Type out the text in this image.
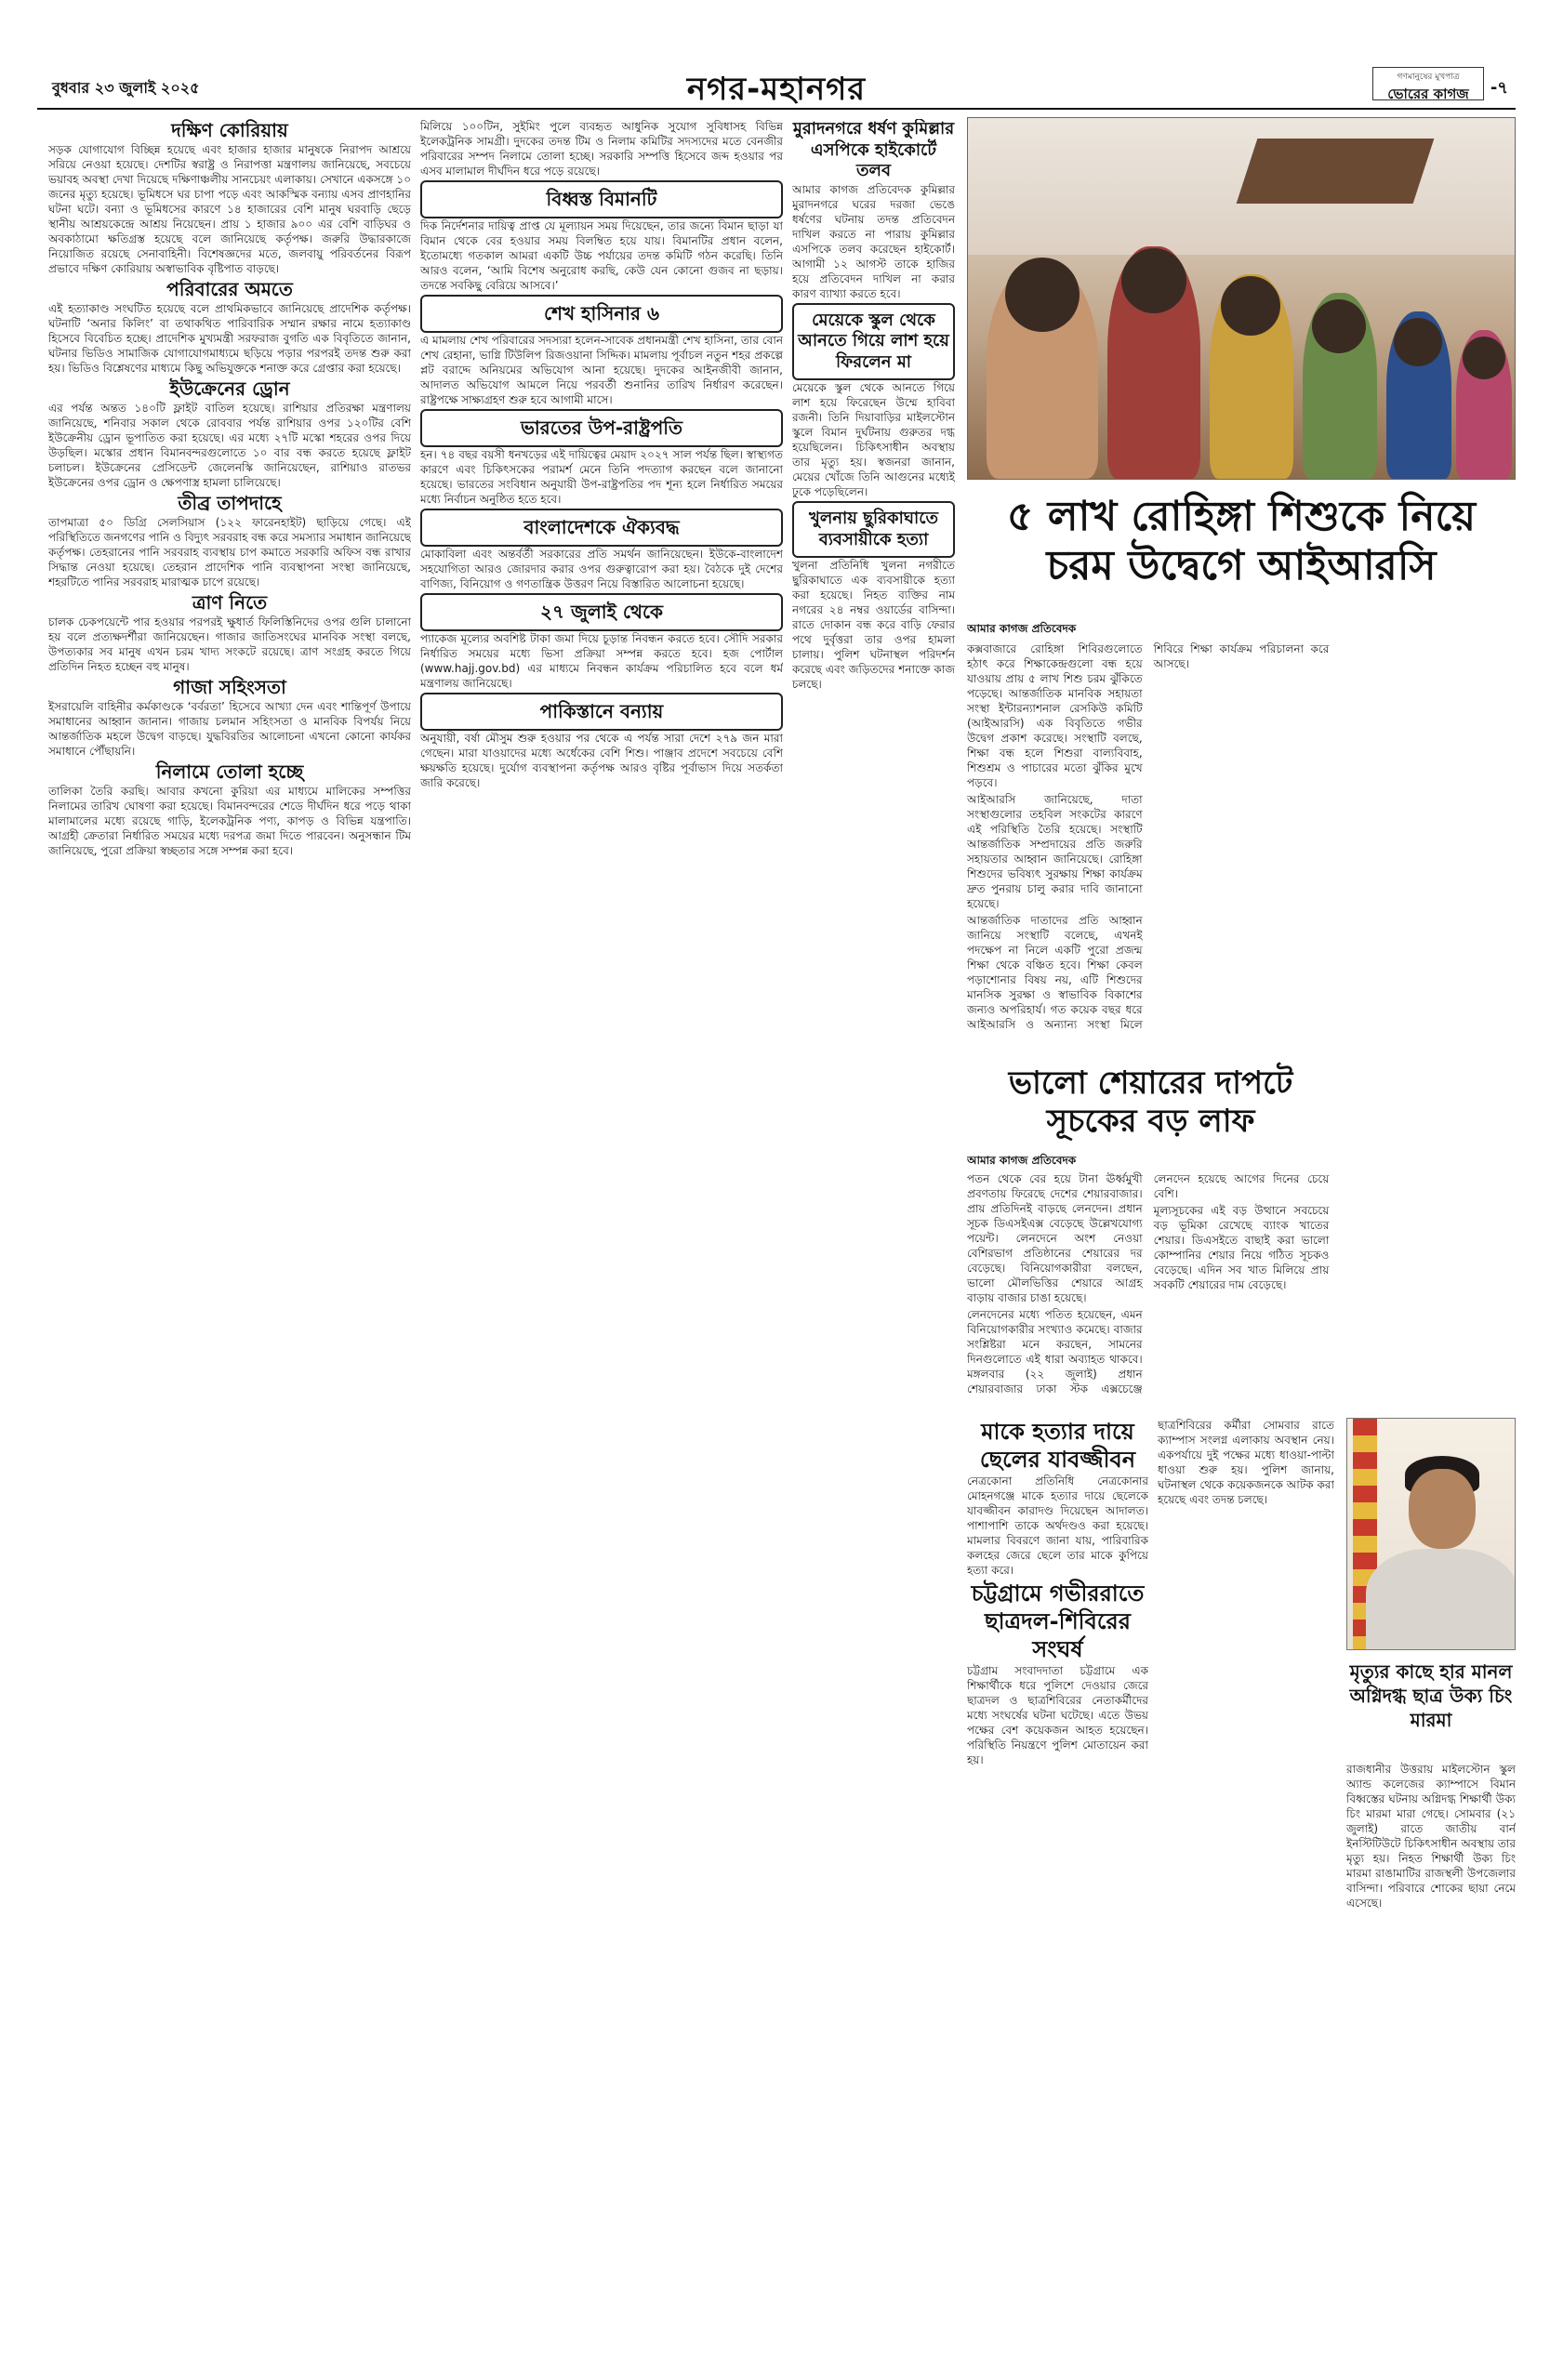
বুধবার ২৩ জুলাই ২০২৫	নগর-মহানগর	গণমানুষের মুখপাত্র
ভোরের কাগজ	-৭
দক্ষিণ কোরিয়ায়

সড়ক যোগাযোগ বিচ্ছিন্ন হয়েছে এবং হাজার হাজার মানুষকে নিরাপদ আশ্রয়ে সরিয়ে নেওয়া হয়েছে। দেশটির স্বরাষ্ট্র ও নিরাপত্তা মন্ত্রণালয় জানিয়েছে, সবচেয়ে ভয়াবহ অবস্থা দেখা দিয়েছে দক্ষিণাঞ্চলীয় সানচেয়ং এলাকায়। সেখানে একসঙ্গে ১০ জনের মৃত্যু হয়েছে। ভূমিধসে ঘর চাপা পড়ে এবং আকস্মিক বন্যায় এসব প্রাণহানির ঘটনা ঘটে। বন্যা ও ভূমিধসের কারণে ১৪ হাজারের বেশি মানুষ ঘরবাড়ি ছেড়ে স্থানীয় আশ্রয়কেন্দ্রে আশ্রয় নিয়েছেন। প্রায় ১ হাজার ৯০০ এর বেশি বাড়িঘর ও অবকাঠামো ক্ষতিগ্রস্ত হয়েছে বলে জানিয়েছে কর্তৃপক্ষ। জরুরি উদ্ধারকাজে নিয়োজিত রয়েছে সেনাবাহিনী। বিশেষজ্ঞদের মতে, জলবায়ু পরিবর্তনের বিরূপ প্রভাবে দক্ষিণ কোরিয়ায় অস্বাভাবিক বৃষ্টিপাত বাড়ছে।

পরিবারের অমতে

এই হত্যাকাণ্ড সংঘটিত হয়েছে বলে প্রাথমিকভাবে জানিয়েছে প্রাদেশিক কর্তৃপক্ষ। ঘটনাটি ‘অনার কিলিং’ বা তথাকথিত পারিবারিক সম্মান রক্ষার নামে হত্যাকাণ্ড হিসেবে বিবেচিত হচ্ছে। প্রাদেশিক মুখ্যমন্ত্রী সরফরাজ বুগতি এক বিবৃতিতে জানান, ঘটনার ভিডিও সামাজিক যোগাযোগমাধ্যমে ছড়িয়ে পড়ার পরপরই তদন্ত শুরু করা হয়। ভিডিও বিশ্লেষণের মাধ্যমে কিছু অভিযুক্তকে শনাক্ত করে গ্রেপ্তার করা হয়েছে।

ইউক্রেনের ড্রোন

এর পর্যন্ত অন্তত ১৪০টি ফ্লাইট বাতিল হয়েছে। রাশিয়ার প্রতিরক্ষা মন্ত্রণালয় জানিয়েছে, শনিবার সকাল থেকে রোববার পর্যন্ত রাশিয়ার ওপর ১২০টির বেশি ইউক্রেনীয় ড্রোন ভূপাতিত করা হয়েছে। এর মধ্যে ২৭টি মস্কো শহরের ওপর দিয়ে উড়ছিল। মস্কোর প্রধান বিমানবন্দরগুলোতে ১০ বার বন্ধ করতে হয়েছে ফ্লাইট চলাচল। ইউক্রেনের প্রেসিডেন্ট জেলেনস্কি জানিয়েছেন, রাশিয়াও রাতভর ইউক্রেনের ওপর ড্রোন ও ক্ষেপণাস্ত্র হামলা চালিয়েছে।

তীব্র তাপদাহে

তাপমাত্রা ৫০ ডিগ্রি সেলসিয়াস (১২২ ফারেনহাইট) ছাড়িয়ে গেছে। এই পরিস্থিতিতে জনগণের পানি ও বিদ্যুৎ সরবরাহ বন্ধ করে সমস্যার সমাধান জানিয়েছে কর্তৃপক্ষ। তেহরানের পানি সরবরাহ ব্যবস্থায় চাপ কমাতে সরকারি অফিস বন্ধ রাখার সিদ্ধান্ত নেওয়া হয়েছে। তেহরান প্রাদেশিক পানি ব্যবস্থাপনা সংস্থা জানিয়েছে, শহরটিতে পানির সরবরাহ মারাত্মক চাপে রয়েছে।

ত্রাণ নিতে

চালক চেকপয়েন্টে পার হওয়ার পরপরই ক্ষুধার্ত ফিলিস্তিনিদের ওপর গুলি চালানো হয় বলে প্রত্যক্ষদর্শীরা জানিয়েছেন। গাজার জাতিসংঘের মানবিক সংস্থা বলছে, উপত্যকার সব মানুষ এখন চরম খাদ্য সংকটে রয়েছে। ত্রাণ সংগ্রহ করতে গিয়ে প্রতিদিন নিহত হচ্ছেন বহু মানুষ।

গাজা সহিংসতা

ইসরায়েলি বাহিনীর কর্মকাণ্ডকে ‘বর্বরতা’ হিসেবে আখ্যা দেন এবং শান্তিপূর্ণ উপায়ে সমাধানের আহ্বান জানান। গাজায় চলমান সহিংসতা ও মানবিক বিপর্যয় নিয়ে আন্তর্জাতিক মহলে উদ্বেগ বাড়ছে। যুদ্ধবিরতির আলোচনা এখনো কোনো কার্যকর সমাধানে পৌঁছায়নি।

নিলামে তোলা হচ্ছে

তালিকা তৈরি করছি। আবার কখনো কুরিয়া এর মাধ্যমে মালিকের সম্পত্তির নিলামের তারিখ ঘোষণা করা হয়েছে। বিমানবন্দরের শেডে দীর্ঘদিন ধরে পড়ে থাকা মালামালের মধ্যে রয়েছে গাড়ি, ইলেকট্রনিক পণ্য, কাপড় ও বিভিন্ন যন্ত্রপাতি। আগ্রহী ক্রেতারা নির্ধারিত সময়ের মধ্যে দরপত্র জমা দিতে পারবেন। অনুসন্ধান টিম জানিয়েছে, পুরো প্রক্রিয়া স্বচ্ছতার সঙ্গে সম্পন্ন করা হবে।

মিলিয়ে ১০০টিন, সুইমিং পুলে ব্যবহৃত আধুনিক সুযোগ সুবিধাসহ বিভিন্ন ইলেকট্রনিক সামগ্রী। দুদকের তদন্ত টিম ও নিলাম কমিটির সদস্যদের মতে বেনজীর পরিবারের সম্পদ নিলামে তোলা হচ্ছে। সরকারি সম্পত্তি হিসেবে জব্দ হওয়ার পর এসব মালামাল দীর্ঘদিন ধরে পড়ে রয়েছে।

বিধ্বস্ত বিমানটি

দিক নির্দেশনার দায়িত্ব প্রাপ্ত যে মূল্যায়ন সময় দিয়েছেন, তার জন্যে বিমান ছাড়া যা বিমান থেকে বের হওয়ার সময় বিলম্বিত হয়ে যায়। বিমানটির প্রধান বলেন, ইতোমধ্যে গতকাল আমরা একটি উচ্চ পর্যায়ের তদন্ত কমিটি গঠন করেছি। তিনি আরও বলেন, ‘আমি বিশেষ অনুরোধ করছি, কেউ যেন কোনো গুজব না ছড়ায়। তদন্তে সবকিছু বেরিয়ে আসবে।’

শেখ হাসিনার ৬

এ মামলায় শেখ পরিবারের সদস্যরা হলেন-সাবেক প্রধানমন্ত্রী শেখ হাসিনা, তার বোন শেখ রেহানা, ভাগ্নি টিউলিপ রিজওয়ানা সিদ্দিক। মামলায় পূর্বাচল নতুন শহর প্রকল্পে প্লট বরাদ্দে অনিয়মের অভিযোগ আনা হয়েছে। দুদকের আইনজীবী জানান, আদালত অভিযোগ আমলে নিয়ে পরবর্তী শুনানির তারিখ নির্ধারণ করেছেন। রাষ্ট্রপক্ষে সাক্ষ্যগ্রহণ শুরু হবে আগামী মাসে।

ভারতের উপ-রাষ্ট্রপতি

হন। ৭৪ বছর বয়সী ধনখড়ের এই দায়িত্বের মেয়াদ ২০২৭ সাল পর্যন্ত ছিল। স্বাস্থ্যগত কারণে এবং চিকিৎসকের পরামর্শ মেনে তিনি পদত্যাগ করছেন বলে জানানো হয়েছে। ভারতের সংবিধান অনুযায়ী উপ-রাষ্ট্রপতির পদ শূন্য হলে নির্ধারিত সময়ের মধ্যে নির্বাচন অনুষ্ঠিত হতে হবে।

বাংলাদেশকে ঐক্যবদ্ধ

মোকাবিলা এবং অন্তর্বর্তী সরকারের প্রতি সমর্থন জানিয়েছেন। ইউকে-বাংলাদেশ সহযোগিতা আরও জোরদার করার ওপর গুরুত্বারোপ করা হয়। বৈঠকে দুই দেশের বাণিজ্য, বিনিয়োগ ও গণতান্ত্রিক উত্তরণ নিয়ে বিস্তারিত আলোচনা হয়েছে।

২৭ জুলাই থেকে

প্যাকেজ মূল্যের অবশিষ্ট টাকা জমা দিয়ে চূড়ান্ত নিবন্ধন করতে হবে। সৌদি সরকার নির্ধারিত সময়ের মধ্যে ভিসা প্রক্রিয়া সম্পন্ন করতে হবে। হজ পোর্টাল (www.hajj.gov.bd) এর মাধ্যমে নিবন্ধন কার্যক্রম পরিচালিত হবে বলে ধর্ম মন্ত্রণালয় জানিয়েছে।

পাকিস্তানে বন্যায়

অনুযায়ী, বর্ষা মৌসুম শুরু হওয়ার পর থেকে এ পর্যন্ত সারা দেশে ২৭৯ জন মারা গেছেন। মারা যাওয়াদের মধ্যে অর্ধেকের বেশি শিশু। পাঞ্জাব প্রদেশে সবচেয়ে বেশি ক্ষয়ক্ষতি হয়েছে। দুর্যোগ ব্যবস্থাপনা কর্তৃপক্ষ আরও বৃষ্টির পূর্বাভাস দিয়ে সতর্কতা জারি করেছে।

মুরাদনগরে ধর্ষণ কুমিল্লার এসপিকে হাইকোর্টে তলব

আমার কাগজ প্রতিবেদক কুমিল্লার মুরাদনগরে ঘরের দরজা ভেঙে ধর্ষণের ঘটনায় তদন্ত প্রতিবেদন দাখিল করতে না পারায় কুমিল্লার এসপিকে তলব করেছেন হাইকোর্ট। আগামী ১২ আগস্ট তাকে হাজির হয়ে প্রতিবেদন দাখিল না করার কারণ ব্যাখ্যা করতে হবে।

মেয়েকে স্কুল থেকে আনতে গিয়ে লাশ হয়ে ফিরলেন মা

মেয়েকে স্কুল থেকে আনতে গিয়ে লাশ হয়ে ফিরেছেন উম্মে হাবিবা রজনী। তিনি দিয়াবাড়ির মাইলস্টোন স্কুলে বিমান দুর্ঘটনায় গুরুতর দগ্ধ হয়েছিলেন। চিকিৎসাধীন অবস্থায় তার মৃত্যু হয়। স্বজনরা জানান, মেয়ের খোঁজে তিনি আগুনের মধ্যেই ঢুকে পড়েছিলেন।

খুলনায় ছুরিকাঘাতে ব্যবসায়ীকে হত্যা

খুলনা প্রতিনিধি খুলনা নগরীতে ছুরিকাঘাতে এক ব্যবসায়ীকে হত্যা করা হয়েছে। নিহত ব্যক্তির নাম নগরের ২৪ নম্বর ওয়ার্ডের বাসিন্দা। রাতে দোকান বন্ধ করে বাড়ি ফেরার পথে দুর্বৃত্তরা তার ওপর হামলা চালায়। পুলিশ ঘটনাস্থল পরিদর্শন করেছে এবং জড়িতদের শনাক্তে কাজ চলছে।

৫ লাখ রোহিঙ্গা শিশুকে নিয়ে চরম উদ্বেগে আইআরসি
আমার কাগজ প্রতিবেদক

কক্সবাজারে রোহিঙ্গা শিবিরগুলোতে হঠাৎ করে শিক্ষাকেন্দ্রগুলো বন্ধ হয়ে যাওয়ায় প্রায় ৫ লাখ শিশু চরম ঝুঁকিতে পড়েছে। আন্তর্জাতিক মানবিক সহায়তা সংস্থা ইন্টারন্যাশনাল রেসকিউ কমিটি (আইআরসি) এক বিবৃতিতে গভীর উদ্বেগ প্রকাশ করেছে। সংস্থাটি বলছে, শিক্ষা বন্ধ হলে শিশুরা বাল্যবিবাহ, শিশুশ্রম ও পাচারের মতো ঝুঁকির মুখে পড়বে।

আইআরসি জানিয়েছে, দাতা সংস্থাগুলোর তহবিল সংকটের কারণে এই পরিস্থিতি তৈরি হয়েছে। সংস্থাটি আন্তর্জাতিক সম্প্রদায়ের প্রতি জরুরি সহায়তার আহ্বান জানিয়েছে। রোহিঙ্গা শিশুদের ভবিষ্যৎ সুরক্ষায় শিক্ষা কার্যক্রম দ্রুত পুনরায় চালু করার দাবি জানানো হয়েছে।

আন্তর্জাতিক দাতাদের প্রতি আহ্বান জানিয়ে সংস্থাটি বলেছে, এখনই পদক্ষেপ না নিলে একটি পুরো প্রজন্ম শিক্ষা থেকে বঞ্চিত হবে। শিক্ষা কেবল পড়াশোনার বিষয় নয়, এটি শিশুদের মানসিক সুরক্ষা ও স্বাভাবিক বিকাশের জন্যও অপরিহার্য। গত কয়েক বছর ধরে আইআরসি ও অন্যান্য সংস্থা মিলে শিবিরে শিক্ষা কার্যক্রম পরিচালনা করে আসছে।

ভালো শেয়ারের দাপটে সূচকের বড় লাফ
আমার কাগজ প্রতিবেদক

পতন থেকে বের হয়ে টানা ঊর্ধ্বমুখী প্রবণতায় ফিরেছে দেশের শেয়ারবাজার। প্রায় প্রতিদিনই বাড়ছে লেনদেন। প্রধান সূচক ডিএসইএক্স বেড়েছে উল্লেখযোগ্য পয়েন্ট। লেনদেনে অংশ নেওয়া বেশিরভাগ প্রতিষ্ঠানের শেয়ারের দর বেড়েছে। বিনিয়োগকারীরা বলছেন, ভালো মৌলভিত্তির শেয়ারে আগ্রহ বাড়ায় বাজার চাঙা হয়েছে।

লেনদেনের মধ্যে পতিত হয়েছেন, এমন বিনিয়োগকারীর সংখ্যাও কমেছে। বাজার সংশ্লিষ্টরা মনে করছেন, সামনের দিনগুলোতে এই ধারা অব্যাহত থাকবে। মঙ্গলবার (২২ জুলাই) প্রধান শেয়ারবাজার ঢাকা স্টক এক্সচেঞ্জে লেনদেন হয়েছে আগের দিনের চেয়ে বেশি।

মূল্যসূচকের এই বড় উত্থানে সবচেয়ে বড় ভূমিকা রেখেছে ব্যাংক খাতের শেয়ার। ডিএসইতে বাছাই করা ভালো কোম্পানির শেয়ার নিয়ে গঠিত সূচকও বেড়েছে। এদিন সব খাত মিলিয়ে প্রায় সবকটি শেয়ারের দাম বেড়েছে।

মাকে হত্যার দায়ে ছেলের যাবজ্জীবন

নেত্রকোনা প্রতিনিধি নেত্রকোনার মোহনগঞ্জে মাকে হত্যার দায়ে ছেলেকে যাবজ্জীবন কারাদণ্ড দিয়েছেন আদালত। পাশাপাশি তাকে অর্থদণ্ডও করা হয়েছে। মামলার বিবরণে জানা যায়, পারিবারিক কলহের জেরে ছেলে তার মাকে কুপিয়ে হত্যা করে।

চট্টগ্রামে গভীররাতে ছাত্রদল-শিবিরের সংঘর্ষ

চট্টগ্রাম সংবাদদাতা চট্টগ্রামে এক শিক্ষার্থীকে ধরে পুলিশে দেওয়ার জেরে ছাত্রদল ও ছাত্রশিবিরের নেতাকর্মীদের মধ্যে সংঘর্ষের ঘটনা ঘটেছে। এতে উভয় পক্ষের বেশ কয়েকজন আহত হয়েছেন। পরিস্থিতি নিয়ন্ত্রণে পুলিশ মোতায়েন করা হয়।

ছাত্রশিবিরের কর্মীরা সোমবার রাতে ক্যাম্পাস সংলগ্ন এলাকায় অবস্থান নেয়। একপর্যায়ে দুই পক্ষের মধ্যে ধাওয়া-পাল্টা ধাওয়া শুরু হয়। পুলিশ জানায়, ঘটনাস্থল থেকে কয়েকজনকে আটক করা হয়েছে এবং তদন্ত চলছে।

মৃত্যুর কাছে হার মানল অগ্নিদগ্ধ ছাত্র উক্য চিং মারমা

রাজধানীর উত্তরায় মাইলস্টোন স্কুল অ্যান্ড কলেজের ক্যাম্পাসে বিমান বিধ্বস্তের ঘটনায় অগ্নিদগ্ধ শিক্ষার্থী উক্য চিং মারমা মারা গেছে। সোমবার (২১ জুলাই) রাতে জাতীয় বার্ন ইনস্টিটিউটে চিকিৎসাধীন অবস্থায় তার মৃত্যু হয়। নিহত শিক্ষার্থী উক্য চিং মারমা রাঙামাটির রাজস্থলী উপজেলার বাসিন্দা। পরিবারে শোকের ছায়া নেমে এসেছে।
